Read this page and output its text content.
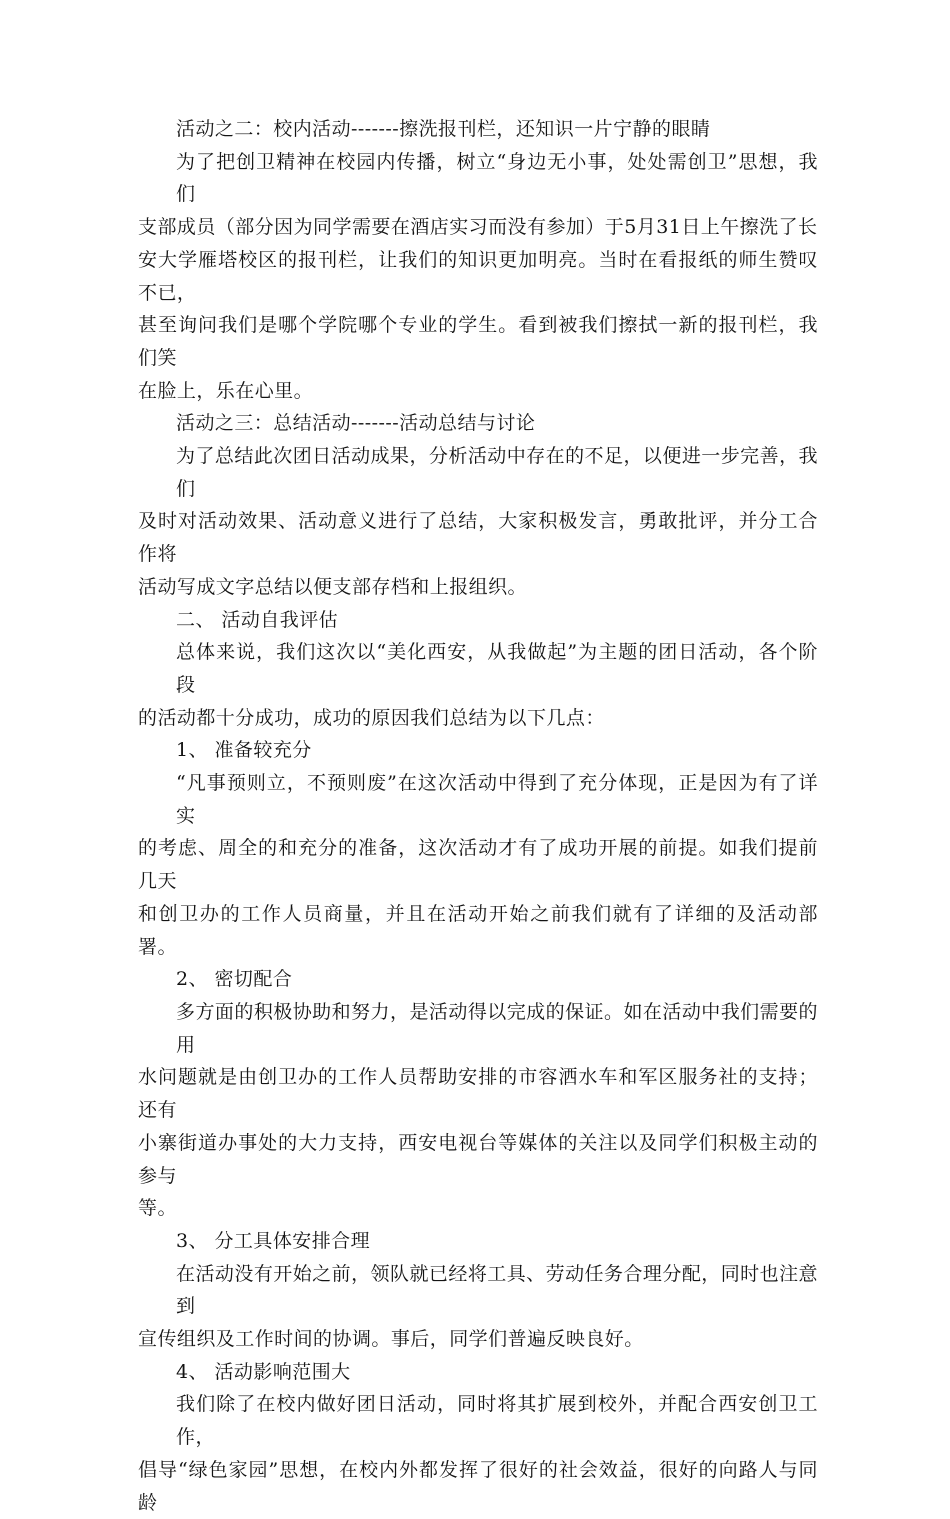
活动之二：校内活动-------擦洗报刊栏，还知识一片宁静的眼睛

为了把创卫精神在校园内传播，树立“身边无小事，处处需创卫”思想，我们
支部成员（部分因为同学需要在酒店实习而没有参加）于5月31日上午擦洗了长
安大学雁塔校区的报刊栏，让我们的知识更加明亮。当时在看报纸的师生赞叹不已，
甚至询问我们是哪个学院哪个专业的学生。看到被我们擦拭一新的报刊栏，我们笑
在脸上，乐在心里。

活动之三：总结活动-------活动总结与讨论

为了总结此次团日活动成果，分析活动中存在的不足，以便进一步完善，我们
及时对活动效果、活动意义进行了总结，大家积极发言，勇敢批评，并分工合作将
活动写成文字总结以便支部存档和上报组织。

二、 活动自我评估

总体来说，我们这次以“美化西安，从我做起”为主题的团日活动，各个阶段
的活动都十分成功，成功的原因我们总结为以下几点：

1、 准备较充分

“凡事预则立，不预则废”在这次活动中得到了充分体现，正是因为有了详实
的考虑、周全的和充分的准备，这次活动才有了成功开展的前提。如我们提前几天
和创卫办的工作人员商量，并且在活动开始之前我们就有了详细的及活动部署。

2、 密切配合

多方面的积极协助和努力，是活动得以完成的保证。如在活动中我们需要的用
水问题就是由创卫办的工作人员帮助安排的市容洒水车和军区服务社的支持；还有
小寨街道办事处的大力支持，西安电视台等媒体的关注以及同学们积极主动的参与
等。

3、 分工具体安排合理

在活动没有开始之前，领队就已经将工具、劳动任务合理分配，同时也注意到
宣传组织及工作时间的协调。事后，同学们普遍反映良好。

4、 活动影响范围大

我们除了在校内做好团日活动，同时将其扩展到校外，并配合西安创卫工作，
倡导“绿色家园”思想，在校内外都发挥了很好的社会效益，很好的向路人与同龄
